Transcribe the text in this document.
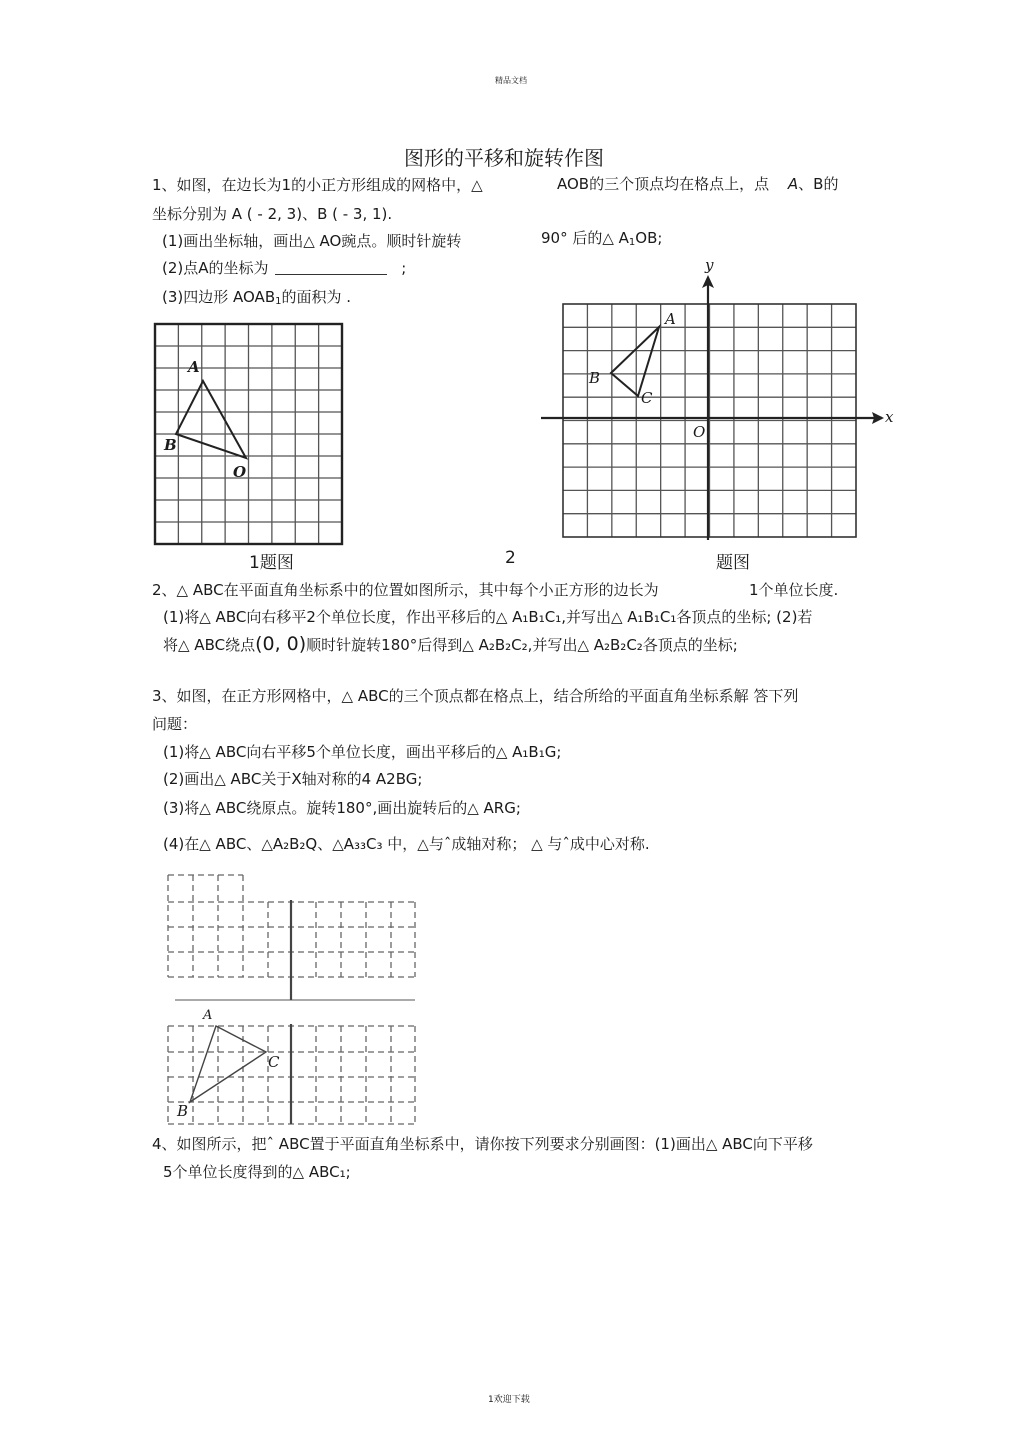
精品文档
图形的平移和旋转作图
1、如图，在边长为1的小正方形组成的网格中，△	AOB的三个顶点均在格点上，点 A、B的
坐标分别为 A ( - 2, 3)、B ( - 3, 1).
(1)画出坐标轴，画出△ AO豌点。顺时针旋转	90° 后的△ $A_1OB$;
(2)点A的坐标为	;
(3)四边形 $AOAB_1$的面积为 .
A
B
O
1题图
A
B
C
O
x
y
2	题图
2、△ ABC在平面直角坐标系中的位置如图所示，其中每个小正方形的边长为	1个单位长度.
(1)将△ ABC向右移平2个单位长度，作出平移后的△ A₁B₁C₁,并写出△ A₁B₁C₁各顶点的坐标; (2)若
将△ ABC绕点(0, 0)顺时针旋转180°后得到△ A₂B₂C₂,并写出△ A₂B₂C₂各顶点的坐标;
3、如图，在正方形网格中，△ ABC的三个顶点都在格点上，结合所给的平面直角坐标系解 答下列
问题：
(1)将△ ABC向右平移5个单位长度，画出平移后的△ A₁B₁G;
(2)画出△ ABC关于X轴对称的4 A2BG;
(3)将△ ABC绕原点。旋转180°,画出旋转后的△ ARG;
(4)在△ ABC、△A₂B₂Q、△A₃₃C₃ 中，△与ˆ成轴对称； △ 与ˆ成中心对称.
A
C
B
4、如图所示，把ˆ ABC置于平面直角坐标系中，请你按下列要求分别画图：(1)画出△ ABC向下平移
5个单位长度得到的△ ABC₁;
1欢迎下载
